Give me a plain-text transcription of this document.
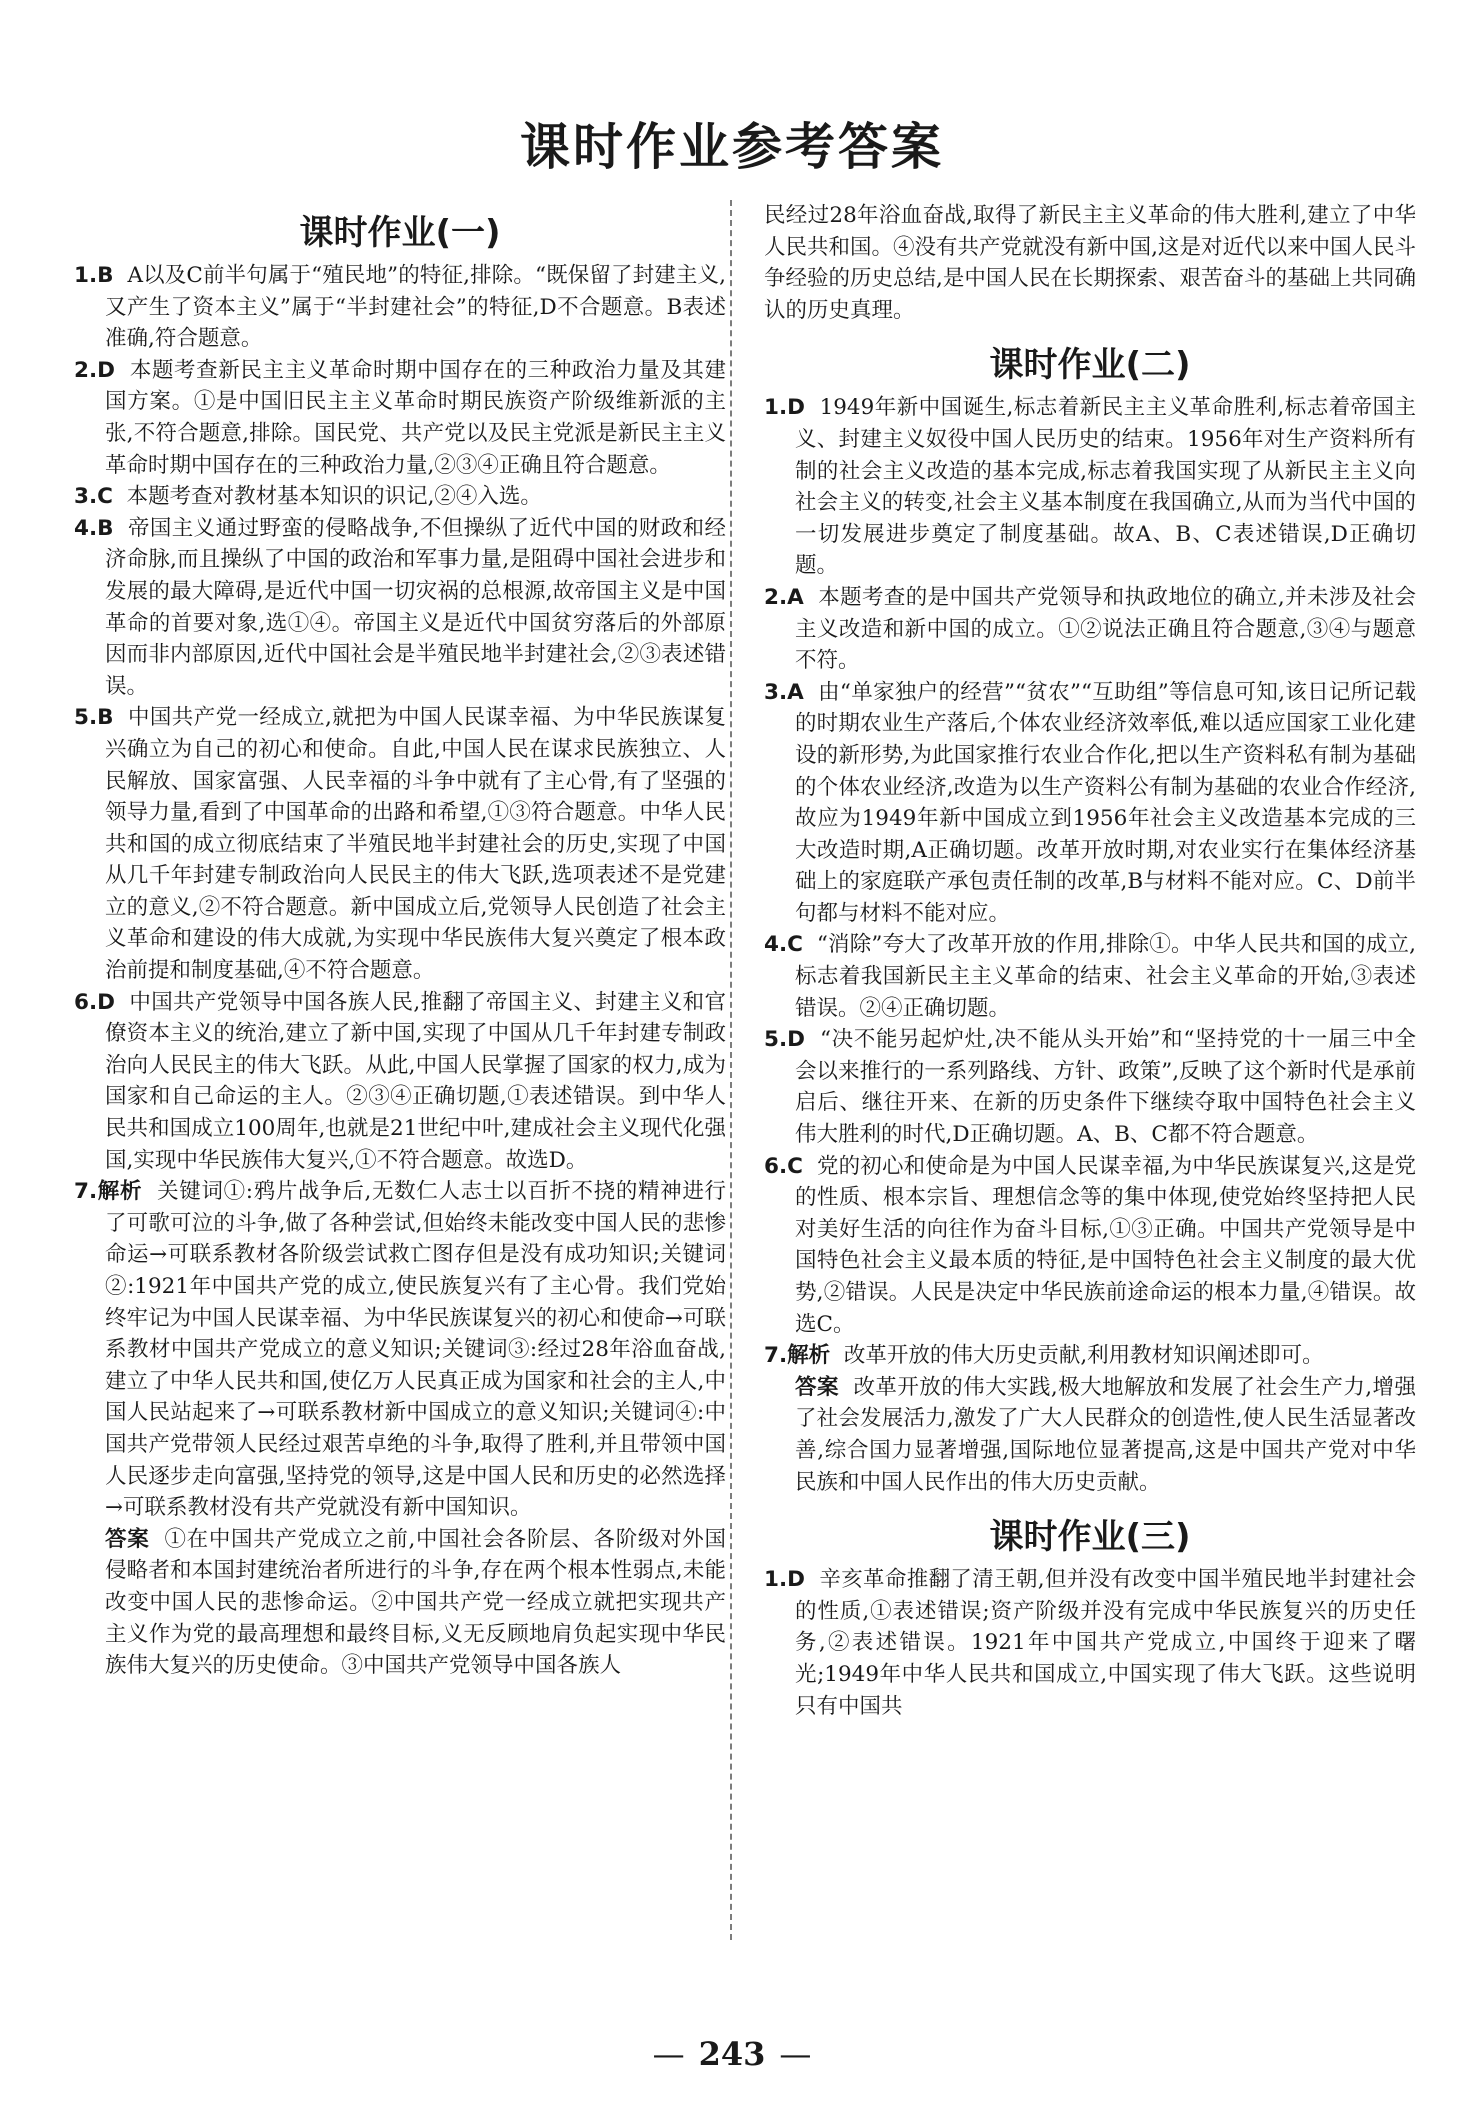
课时作业参考答案
课时作业(一)

1.B A以及C前半句属于“殖民地”的特征,排除。“既保留了封建主义,又产生了资本主义”属于“半封建社会”的特征,D不合题意。B表述准确,符合题意。

2.D 本题考查新民主主义革命时期中国存在的三种政治力量及其建国方案。①是中国旧民主主义革命时期民族资产阶级维新派的主张,不符合题意,排除。国民党、共产党以及民主党派是新民主主义革命时期中国存在的三种政治力量,②③④正确且符合题意。

3.C 本题考查对教材基本知识的识记,②④入选。

4.B 帝国主义通过野蛮的侵略战争,不但操纵了近代中国的财政和经济命脉,而且操纵了中国的政治和军事力量,是阻碍中国社会进步和发展的最大障碍,是近代中国一切灾祸的总根源,故帝国主义是中国革命的首要对象,选①④。帝国主义是近代中国贫穷落后的外部原因而非内部原因,近代中国社会是半殖民地半封建社会,②③表述错误。

5.B 中国共产党一经成立,就把为中国人民谋幸福、为中华民族谋复兴确立为自己的初心和使命。自此,中国人民在谋求民族独立、人民解放、国家富强、人民幸福的斗争中就有了主心骨,有了坚强的领导力量,看到了中国革命的出路和希望,①③符合题意。中华人民共和国的成立彻底结束了半殖民地半封建社会的历史,实现了中国从几千年封建专制政治向人民民主的伟大飞跃,选项表述不是党建立的意义,②不符合题意。新中国成立后,党领导人民创造了社会主义革命和建设的伟大成就,为实现中华民族伟大复兴奠定了根本政治前提和制度基础,④不符合题意。

6.D 中国共产党领导中国各族人民,推翻了帝国主义、封建主义和官僚资本主义的统治,建立了新中国,实现了中国从几千年封建专制政治向人民民主的伟大飞跃。从此,中国人民掌握了国家的权力,成为国家和自己命运的主人。②③④正确切题,①表述错误。到中华人民共和国成立100周年,也就是21世纪中叶,建成社会主义现代化强国,实现中华民族伟大复兴,①不符合题意。故选D。

7.解析 关键词①:鸦片战争后,无数仁人志士以百折不挠的精神进行了可歌可泣的斗争,做了各种尝试,但始终未能改变中国人民的悲惨命运→可联系教材各阶级尝试救亡图存但是没有成功知识;关键词②:1921年中国共产党的成立,使民族复兴有了主心骨。我们党始终牢记为中国人民谋幸福、为中华民族谋复兴的初心和使命→可联系教材中国共产党成立的意义知识;关键词③:经过28年浴血奋战,建立了中华人民共和国,使亿万人民真正成为国家和社会的主人,中国人民站起来了→可联系教材新中国成立的意义知识;关键词④:中国共产党带领人民经过艰苦卓绝的斗争,取得了胜利,并且带领中国人民逐步走向富强,坚持党的领导,这是中国人民和历史的必然选择→可联系教材没有共产党就没有新中国知识。

答案 ①在中国共产党成立之前,中国社会各阶层、各阶级对外国侵略者和本国封建统治者所进行的斗争,存在两个根本性弱点,未能改变中国人民的悲惨命运。②中国共产党一经成立就把实现共产主义作为党的最高理想和最终目标,义无反顾地肩负起实现中华民族伟大复兴的历史使命。③中国共产党领导中国各族人

民经过28年浴血奋战,取得了新民主主义革命的伟大胜利,建立了中华人民共和国。④没有共产党就没有新中国,这是对近代以来中国人民斗争经验的历史总结,是中国人民在长期探索、艰苦奋斗的基础上共同确认的历史真理。

课时作业(二)

1.D 1949年新中国诞生,标志着新民主主义革命胜利,标志着帝国主义、封建主义奴役中国人民历史的结束。1956年对生产资料所有制的社会主义改造的基本完成,标志着我国实现了从新民主主义向社会主义的转变,社会主义基本制度在我国确立,从而为当代中国的一切发展进步奠定了制度基础。故A、B、C表述错误,D正确切题。

2.A 本题考查的是中国共产党领导和执政地位的确立,并未涉及社会主义改造和新中国的成立。①②说法正确且符合题意,③④与题意不符。

3.A 由“单家独户的经营”“贫农”“互助组”等信息可知,该日记所记载的时期农业生产落后,个体农业经济效率低,难以适应国家工业化建设的新形势,为此国家推行农业合作化,把以生产资料私有制为基础的个体农业经济,改造为以生产资料公有制为基础的农业合作经济,故应为1949年新中国成立到1956年社会主义改造基本完成的三大改造时期,A正确切题。改革开放时期,对农业实行在集体经济基础上的家庭联产承包责任制的改革,B与材料不能对应。C、D前半句都与材料不能对应。

4.C “消除”夸大了改革开放的作用,排除①。中华人民共和国的成立,标志着我国新民主主义革命的结束、社会主义革命的开始,③表述错误。②④正确切题。

5.D “决不能另起炉灶,决不能从头开始”和“坚持党的十一届三中全会以来推行的一系列路线、方针、政策”,反映了这个新时代是承前启后、继往开来、在新的历史条件下继续夺取中国特色社会主义伟大胜利的时代,D正确切题。A、B、C都不符合题意。

6.C 党的初心和使命是为中国人民谋幸福,为中华民族谋复兴,这是党的性质、根本宗旨、理想信念等的集中体现,使党始终坚持把人民对美好生活的向往作为奋斗目标,①③正确。中国共产党领导是中国特色社会主义最本质的特征,是中国特色社会主义制度的最大优势,②错误。人民是决定中华民族前途命运的根本力量,④错误。故选C。

7.解析 改革开放的伟大历史贡献,利用教材知识阐述即可。

答案 改革开放的伟大实践,极大地解放和发展了社会生产力,增强了社会发展活力,激发了广大人民群众的创造性,使人民生活显著改善,综合国力显著增强,国际地位显著提高,这是中国共产党对中华民族和中国人民作出的伟大历史贡献。

课时作业(三)

1.D 辛亥革命推翻了清王朝,但并没有改变中国半殖民地半封建社会的性质,①表述错误;资产阶级并没有完成中华民族复兴的历史任务,②表述错误。1921年中国共产党成立,中国终于迎来了曙光;1949年中华人民共和国成立,中国实现了伟大飞跃。这些说明只有中国共

— 243 —
